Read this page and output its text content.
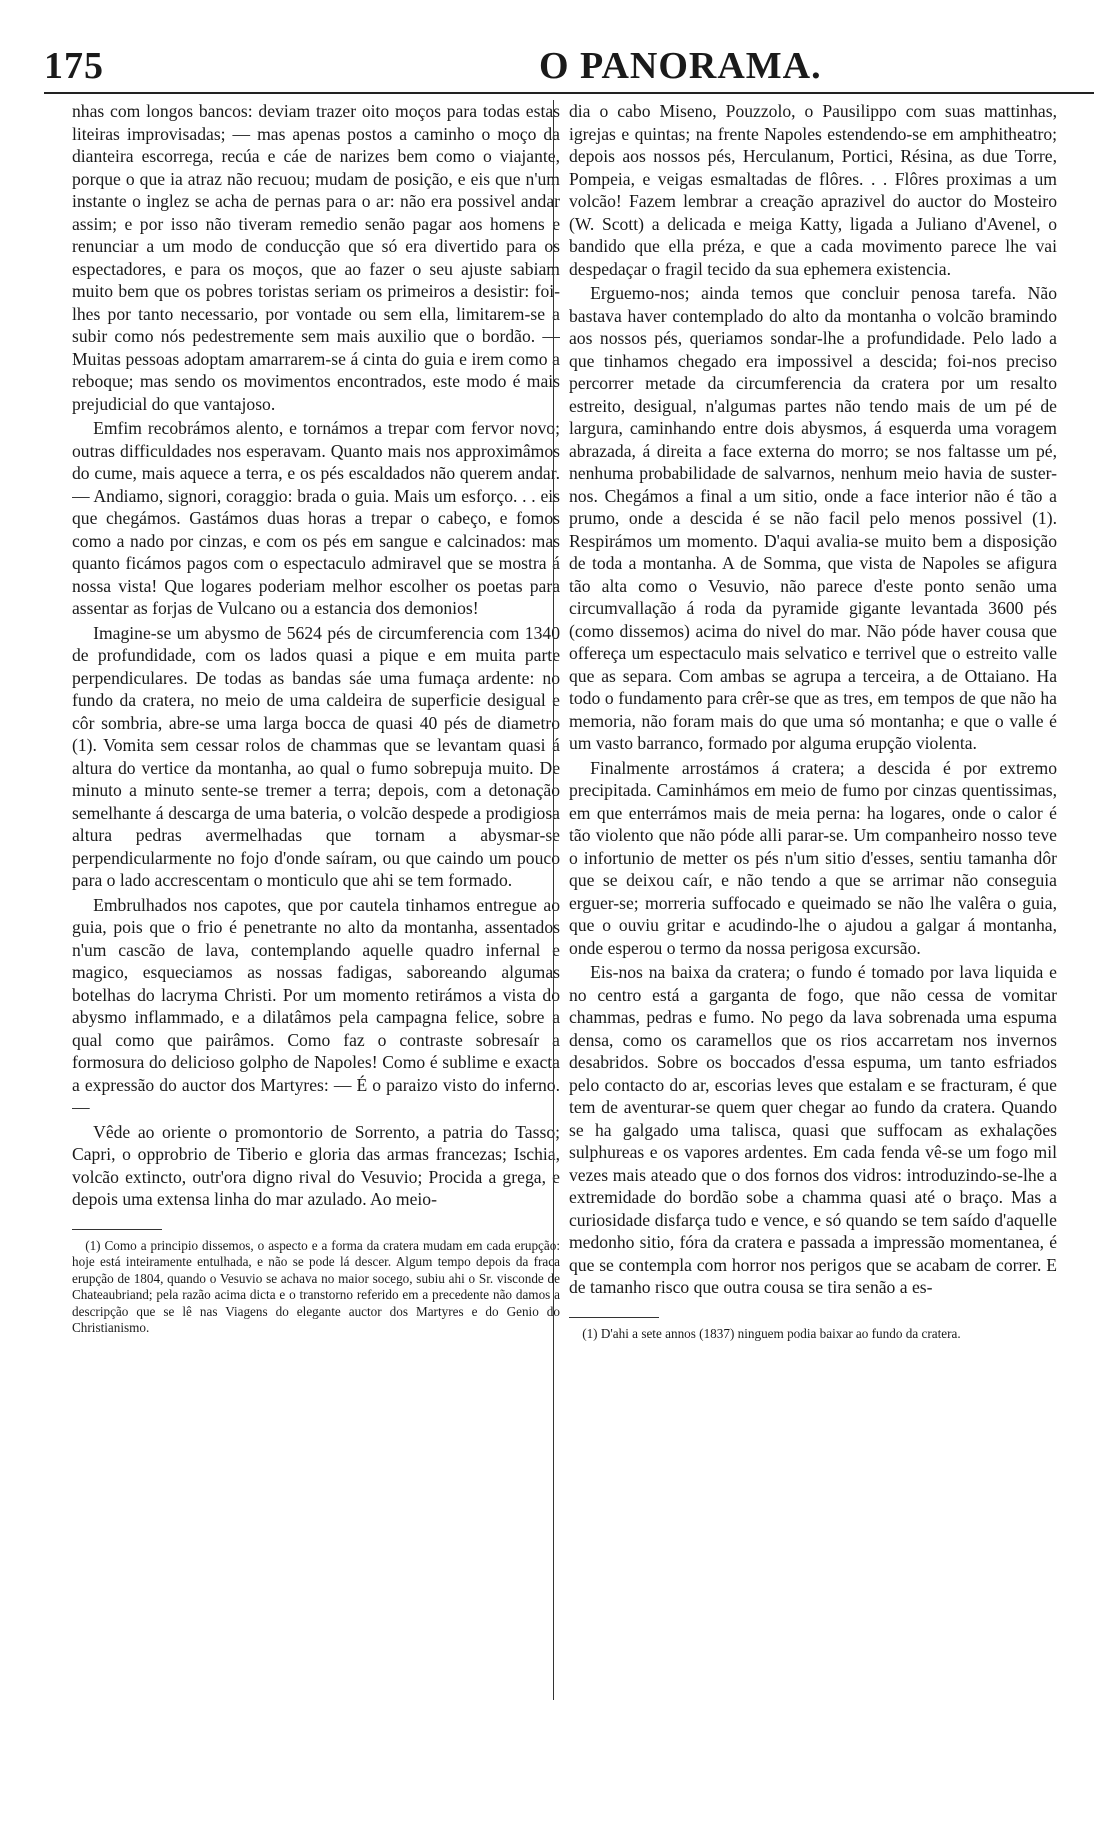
175	O PANORAMA.

nhas com longos bancos: deviam trazer oito moços para todas estas liteiras improvisadas; — mas apenas postos a caminho o moço da dianteira escorrega, recúa e cáe de narizes bem como o viajante, porque o que ia atraz não recuou; mudam de posição, e eis que n'um instante o inglez se acha de pernas para o ar: não era possivel andar assim; e por isso não tiveram remedio senão pagar aos homens e renunciar a um modo de conducção que só era divertido para os espectadores, e para os moços, que ao fazer o seu ajuste sabiam muito bem que os pobres toristas seriam os primeiros a desistir: foi-lhes por tanto necessario, por vontade ou sem ella, limitarem-se a subir como nós pedestremente sem mais auxilio que o bordão. — Muitas pessoas adoptam amarrarem-se á cinta do guia e irem como a reboque; mas sendo os movimentos encontrados, este modo é mais prejudicial do que vantajoso.

Emfim recobrámos alento, e tornámos a trepar com fervor novo; outras difficuldades nos esperavam. Quanto mais nos approximâmos do cume, mais aquece a terra, e os pés escaldados não querem andar.— Andiamo, signori, coraggio: brada o guia. Mais um esforço. . . eis que chegámos. Gastámos duas horas a trepar o cabeço, e fomos como a nado por cinzas, e com os pés em sangue e calcinados: mas quanto ficámos pagos com o espectaculo admiravel que se mostra á nossa vista! Que logares poderiam melhor escolher os poetas para assentar as forjas de Vulcano ou a estancia dos demonios!

Imagine-se um abysmo de 5624 pés de circumferencia com 1340 de profundidade, com os lados quasi a pique e em muita parte perpendiculares. De todas as bandas sáe uma fumaça ardente: no fundo da cratera, no meio de uma caldeira de superficie desigual e côr sombria, abre-se uma larga bocca de quasi 40 pés de diametro (1). Vomita sem cessar rolos de chammas que se levantam quasi á altura do vertice da montanha, ao qual o fumo sobrepuja muito. De minuto a minuto sente-se tremer a terra; depois, com a detonação semelhante á descarga de uma bateria, o volcão despede a prodigiosa altura pedras avermelhadas que tornam a abysmar-se perpendicularmente no fojo d'onde saíram, ou que caindo um pouco para o lado accrescentam o monticulo que ahi se tem formado.

Embrulhados nos capotes, que por cautela tinhamos entregue ao guia, pois que o frio é penetrante no alto da montanha, assentados n'um cascão de lava, contemplando aquelle quadro infernal e magico, esqueciamos as nossas fadigas, saboreando algumas botelhas do lacryma Christi. Por um momento retirámos a vista do abysmo inflammado, e a dilatâmos pela campagna felice, sobre a qual como que pairâmos. Como faz o contraste sobresaír a formosura do delicioso golpho de Napoles! Como é sublime e exacta a expressão do auctor dos Martyres: — É o paraizo visto do inferno. —

Vêde ao oriente o promontorio de Sorrento, a patria do Tasso; Capri, o opprobrio de Tiberio e gloria das armas francezas; Ischia, volcão extincto, outr'ora digno rival do Vesuvio; Procida a grega, e depois uma extensa linha do mar azulado. Ao meio-

(1) Como a principio dissemos, o aspecto e a forma da cratera mudam em cada erupção: hoje está inteiramente entulhada, e não se pode lá descer. Algum tempo depois da fraca erupção de 1804, quando o Vesuvio se achava no maior socego, subiu ahi o Sr. visconde de Chateaubriand; pela razão acima dicta e o transtorno referido em a precedente não damos a descripção que se lê nas Viagens do elegante auctor dos Martyres e do Genio do Christianismo.

dia o cabo Miseno, Pouzzolo, o Pausilippo com suas mattinhas, igrejas e quintas; na frente Napoles estendendo-se em amphitheatro; depois aos nossos pés, Herculanum, Portici, Résina, as due Torre, Pompeia, e veigas esmaltadas de flôres. . . Flôres proximas a um volcão! Fazem lembrar a creação aprazivel do auctor do Mosteiro (W. Scott) a delicada e meiga Katty, ligada a Juliano d'Avenel, o bandido que ella préza, e que a cada movimento parece lhe vai despedaçar o fragil tecido da sua ephemera existencia.

Erguemo-nos; ainda temos que concluir penosa tarefa. Não bastava haver contemplado do alto da montanha o volcão bramindo aos nossos pés, queriamos sondar-lhe a profundidade. Pelo lado a que tinhamos chegado era impossivel a descida; foi-nos preciso percorrer metade da circumferencia da cratera por um resalto estreito, desigual, n'algumas partes não tendo mais de um pé de largura, caminhando entre dois abysmos, á esquerda uma voragem abrazada, á direita a face externa do morro; se nos faltasse um pé, nenhuma probabilidade de salvarnos, nenhum meio havia de suster-nos. Chegámos a final a um sitio, onde a face interior não é tão a prumo, onde a descida é se não facil pelo menos possivel (1). Respirámos um momento. D'aqui avalia-se muito bem a disposição de toda a montanha. A de Somma, que vista de Napoles se afigura tão alta como o Vesuvio, não parece d'este ponto senão uma circumvallação á roda da pyramide gigante levantada 3600 pés (como dissemos) acima do nivel do mar. Não póde haver cousa que offereça um espectaculo mais selvatico e terrivel que o estreito valle que as separa. Com ambas se agrupa a terceira, a de Ottaiano. Ha todo o fundamento para crêr-se que as tres, em tempos de que não ha memoria, não foram mais do que uma só montanha; e que o valle é um vasto barranco, formado por alguma erupção violenta.

Finalmente arrostámos á cratera; a descida é por extremo precipitada. Caminhámos em meio de fumo por cinzas quentissimas, em que enterrámos mais de meia perna: ha logares, onde o calor é tão violento que não póde alli parar-se. Um companheiro nosso teve o infortunio de metter os pés n'um sitio d'esses, sentiu tamanha dôr que se deixou caír, e não tendo a que se arrimar não conseguia erguer-se; morreria suffocado e queimado se não lhe valêra o guia, que o ouviu gritar e acudindo-lhe o ajudou a galgar á montanha, onde esperou o termo da nossa perigosa excursão.

Eis-nos na baixa da cratera; o fundo é tomado por lava liquida e no centro está a garganta de fogo, que não cessa de vomitar chammas, pedras e fumo. No pego da lava sobrenada uma espuma densa, como os caramellos que os rios accarretam nos invernos desabridos. Sobre os boccados d'essa espuma, um tanto esfriados pelo contacto do ar, escorias leves que estalam e se fracturam, é que tem de aventurar-se quem quer chegar ao fundo da cratera. Quando se ha galgado uma talisca, quasi que suffocam as exhalações sulphureas e os vapores ardentes. Em cada fenda vê-se um fogo mil vezes mais ateado que o dos fornos dos vidros: introduzindo-se-lhe a extremidade do bordão sobe a chamma quasi até o braço. Mas a curiosidade disfarça tudo e vence, e só quando se tem saído d'aquelle medonho sitio, fóra da cratera e passada a impressão momentanea, é que se contempla com horror nos perigos que se acabam de correr. E de tamanho risco que outra cousa se tira senão a es-

(1) D'ahi a sete annos (1837) ninguem podia baixar ao fundo da cratera.
